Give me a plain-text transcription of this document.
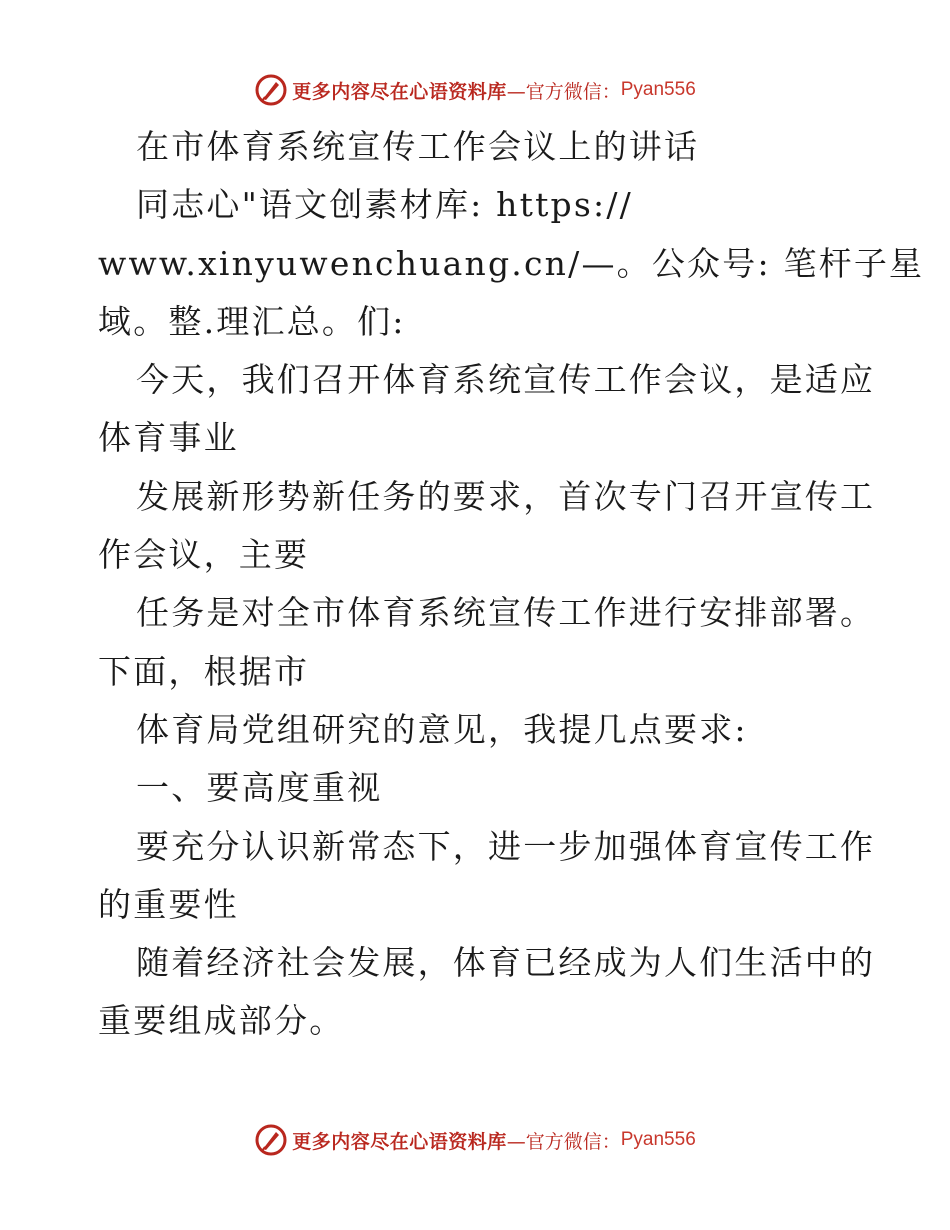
更多内容尽在心语资料库 —官方微信： Pyan556
在市体育系统宣传工作会议上的讲话
同志心"语文创素材库: https://
www.xinyuwenchuang.cn/—。公众号: 笔杆子星
域。整.理汇总。们:
今天，我们召开体育系统宣传工作会议，是适应
体育事业
发展新形势新任务的要求，首次专门召开宣传工
作会议，主要
任务是对全市体育系统宣传工作进行安排部署。
下面，根据市
体育局党组研究的意见，我提几点要求:
一、要高度重视
要充分认识新常态下，进一步加强体育宣传工作
的重要性
随着经济社会发展，体育已经成为人们生活中的
重要组成部分。
更多内容尽在心语资料库 —官方微信： Pyan556
